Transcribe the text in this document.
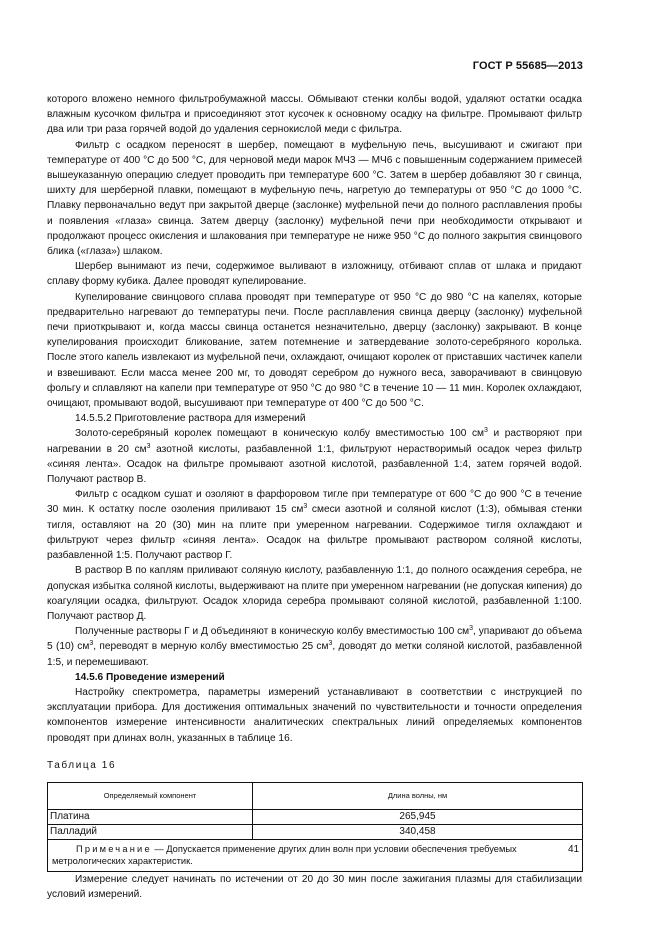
ГОСТ Р 55685—2013

которого вложено немного фильтробумажной массы. Обмывают стенки колбы водой, удаляют остатки осадка влажным кусочком фильтра и присоединяют этот кусочек к основному осадку на фильтре. Промывают фильтр два или три раза горячей водой до удаления сернокислой меди с фильтра.

Фильтр с осадком переносят в шербер, помещают в муфельную печь, высушивают и сжигают при температуре от 400 °С до 500 °С, для черновой меди марок МЧ3 — МЧ6 с повышенным содержанием примесей вышеуказанную операцию следует проводить при температуре 600 °С. Затем в шербер добавляют 30 г свинца, шихту для шерберной плавки, помещают в муфельную печь, нагретую до температуры от 950 °С до 1000 °С. Плавку первоначально ведут при закрытой дверце (заслонке) муфельной печи до полного расплавления пробы и появления «глаза» свинца. Затем дверцу (заслонку) муфельной печи при необходимости открывают и продолжают процесс окисления и шлакования при температуре не ниже 950 °С до полного закрытия свинцового блика («глаза») шлаком.

Шербер вынимают из печи, содержимое выливают в изложницу, отбивают сплав от шлака и придают сплаву форму кубика. Далее проводят купелирование.

Купелирование свинцового сплава проводят при температуре от 950 °С до 980 °С на капелях, которые предварительно нагревают до температуры печи. После расплавления свинца дверцу (заслонку) муфельной печи приоткрывают и, когда массы свинца останется незначительно, дверцу (заслонку) закрывают. В конце купелирования происходит бликование, затем потемнение и затвердевание золото-серебряного королька. После этого капель извлекают из муфельной печи, охлаждают, очищают королек от приставших частичек капели и взвешивают. Если масса менее 200 мг, то доводят серебром до нужного веса, заворачивают в свинцовую фольгу и сплавляют на капели при температуре от 950 °С до 980 °С в течение 10 — 11 мин. Королек охлаждают, очищают, промывают водой, высушивают при температуре от 400 °С до 500 °С.

14.5.5.2 Приготовление раствора для измерений

Золото-серебряный королек помещают в коническую колбу вместимостью 100 $см^3$ и растворяют при нагревании в 20 $см^3$ азотной кислоты, разбавленной 1:1, фильтруют нерастворимый осадок через фильтр «синяя лента». Осадок на фильтре промывают азотной кислотой, разбавленной 1:4, затем горячей водой. Получают раствор В.

Фильтр с осадком сушат и озоляют в фарфоровом тигле при температуре от 600 °С до 900 °С в течение 30 мин. К остатку после озоления приливают 15 $см^3$ смеси азотной и соляной кислот (1:3), обмывая стенки тигля, оставляют на 20 (30) мин на плите при умеренном нагревании. Содержимое тигля охлаждают и фильтруют через фильтр «синяя лента». Осадок на фильтре промывают раствором соляной кислоты, разбавленной 1:5. Получают раствор Г.

В раствор В по каплям приливают соляную кислоту, разбавленную 1:1, до полного осаждения серебра, не допуская избытка соляной кислоты, выдерживают на плите при умеренном нагревании (не допуская кипения) до коагуляции осадка, фильтруют. Осадок хлорида серебра промывают соляной кислотой, разбавленной 1:100. Получают раствор Д.

Полученные растворы Г и Д объединяют в коническую колбу вместимостью 100 $см^3$, упаривают до объема 5 (10) $см^3$, переводят в мерную колбу вместимостью 25 $см^3$, доводят до метки соляной кислотой, разбавленной 1:5, и перемешивают.

14.5.6 Проведение измерений

Настройку спектрометра, параметры измерений устанавливают в соответствии с инструкцией по эксплуатации прибора. Для достижения оптимальных значений по чувствительности и точности определения компонентов измерение интенсивности аналитических спектральных линий определяемых компонентов проводят при длинах волн, указанных в таблице 16.

Таблица 16
Определяемый компонент	Длина волны, нм
Платина	265,945
Палладий	340,458
Примечание — Допускается применение других длин волн при условии обеспечения требуемых метрологических характеристик.	

Измерение следует начинать по истечении от 20 до 30 мин после зажигания плазмы для стабилизации условий измерений.

41
